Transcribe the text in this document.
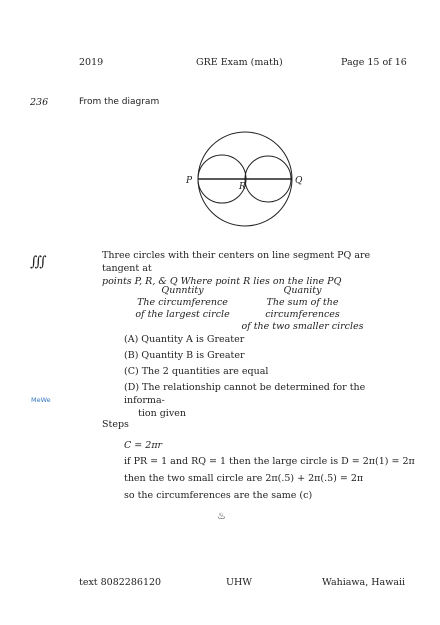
2019	GRE Exam (math)	Page 15 of 16
236	From the diagram
P
R
Q
∭	Three circles with their centers on line segment PQ are tangent at
points P, R, & Q Where point R lies on the line PQ
Qunntity
The circumference
of the largest circle
Quanity
The sum of the circumferences
of the two smaller circles
(A) Quantity A is Greater
(B) Quantity B is Greater
(C) The 2 quantities are equal
(D) The relationship cannot be determined for the informa-
tion given
MeWe
Steps
C = 2πr
if PR = 1 and RQ = 1 then the large circle is D = 2π(1) = 2π
then the two small circle are 2π(.5) + 2π(.5) = 2π
so the circumferences are the same (c)
♨
text 8082286120	UHW	Wahiawa, Hawaii
